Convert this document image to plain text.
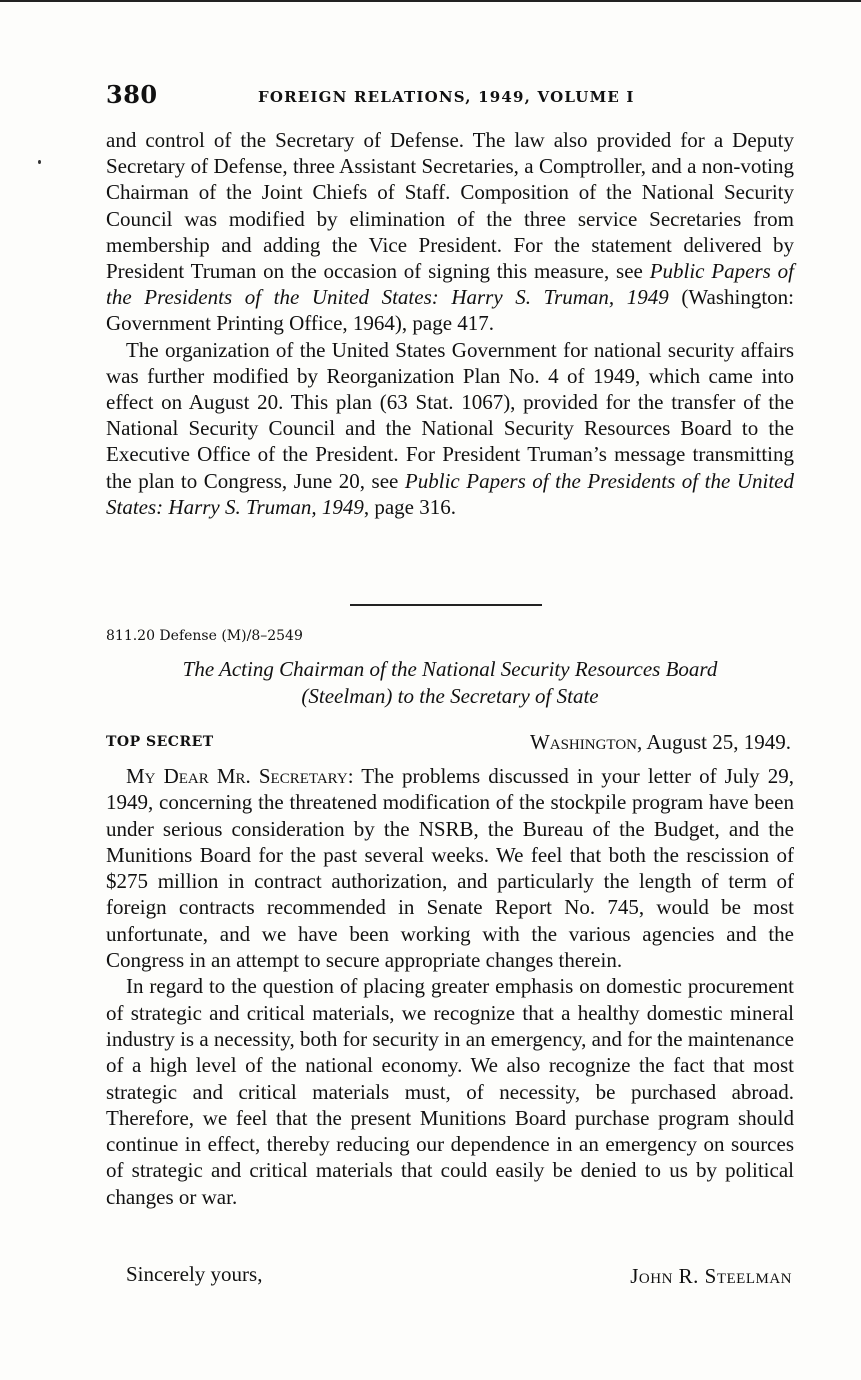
380	FOREIGN RELATIONS, 1949, VOLUME I

and control of the Secretary of Defense. The law also provided for a Deputy Secretary of Defense, three Assistant Secretaries, a Comptroller, and a non-voting Chairman of the Joint Chiefs of Staff. Composition of the National Security Council was modified by elimination of the three service Secretaries from membership and adding the Vice President. For the statement delivered by President Truman on the occasion of signing this measure, see Public Papers of the Presidents of the United States: Harry S. Truman, 1949 (Washington: Government Printing Office, 1964), page 417.

The organization of the United States Government for national security affairs was further modified by Reorganization Plan No. 4 of 1949, which came into effect on August 20. This plan (63 Stat. 1067), provided for the transfer of the National Security Council and the National Security Resources Board to the Executive Office of the President. For President Truman’s message transmitting the plan to Congress, June 20, see Public Papers of the Presidents of the United States: Harry S. Truman, 1949, page 316.

811.20 Defense (M)/8–2549
The Acting Chairman of the National Security Resources Board
(Steelman) to the Secretary of State
TOP SECRET	Washington, August 25, 1949.

My Dear Mr. Secretary: The problems discussed in your letter of July 29, 1949, concerning the threatened modification of the stockpile program have been under serious consideration by the NSRB, the Bureau of the Budget, and the Munitions Board for the past several weeks. We feel that both the rescission of $275 million in contract authorization, and particularly the length of term of foreign contracts recommended in Senate Report No. 745, would be most unfortunate, and we have been working with the various agencies and the Congress in an attempt to secure appropriate changes therein.

In regard to the question of placing greater emphasis on domestic procurement of strategic and critical materials, we recognize that a healthy domestic mineral industry is a necessity, both for security in an emergency, and for the maintenance of a high level of the national economy. We also recognize the fact that most strategic and critical materials must, of necessity, be purchased abroad. Therefore, we feel that the present Munitions Board purchase program should continue in effect, thereby reducing our dependence in an emergency on sources of strategic and critical materials that could easily be denied to us by political changes or war.

Sincerely yours,	John R. Steelman
